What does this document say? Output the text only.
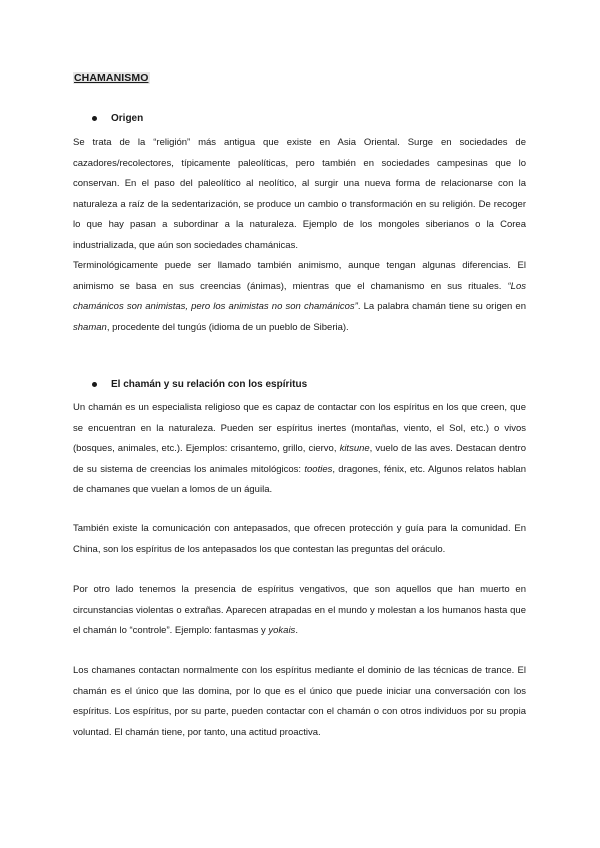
CHAMANISMO
Origen

Se trata de la “religión” más antigua que existe en Asia Oriental. Surge en sociedades de cazadores/recolectores, típicamente paleolíticas, pero también en sociedades campesinas que lo conservan. En el paso del paleolítico al neolítico, al surgir una nueva forma de relacionarse con la naturaleza a raíz de la sedentarización, se produce un cambio o transformación en su religión. De recoger lo que hay pasan a subordinar a la naturaleza. Ejemplo de los mongoles siberianos o la Corea industrializada, que aún son sociedades chamánicas.

Terminológicamente puede ser llamado también animismo, aunque tengan algunas diferencias. El animismo se basa en sus creencias (ánimas), mientras que el chamanismo en sus rituales. “Los chamánicos son animistas, pero los animistas no son chamánicos”. La palabra chamán tiene su origen en shaman, procedente del tungús (idioma de un pueblo de Siberia).

El chamán y su relación con los espíritus

Un chamán es un especialista religioso que es capaz de contactar con los espíritus en los que creen, que se encuentran en la naturaleza. Pueden ser espíritus inertes (montañas, viento, el Sol, etc.) o vivos (bosques, animales, etc.). Ejemplos: crisantemo, grillo, ciervo, kitsune, vuelo de las aves. Destacan dentro de su sistema de creencias los animales mitológicos: tooties, dragones, fénix, etc. Algunos relatos hablan de chamanes que vuelan a lomos de un águila.

También existe la comunicación con antepasados, que ofrecen protección y guía para la comunidad. En China, son los espíritus de los antepasados los que contestan las preguntas del oráculo.

Por otro lado tenemos la presencia de espíritus vengativos, que son aquellos que han muerto en circunstancias violentas o extrañas. Aparecen atrapadas en el mundo y molestan a los humanos hasta que el chamán lo “controle”. Ejemplo: fantasmas y yokais.

Los chamanes contactan normalmente con los espíritus mediante el dominio de las técnicas de trance. El chamán es el único que las domina, por lo que es el único que puede iniciar una conversación con los espíritus. Los espíritus, por su parte, pueden contactar con el chamán o con otros individuos por su propia voluntad. El chamán tiene, por tanto, una actitud proactiva.
